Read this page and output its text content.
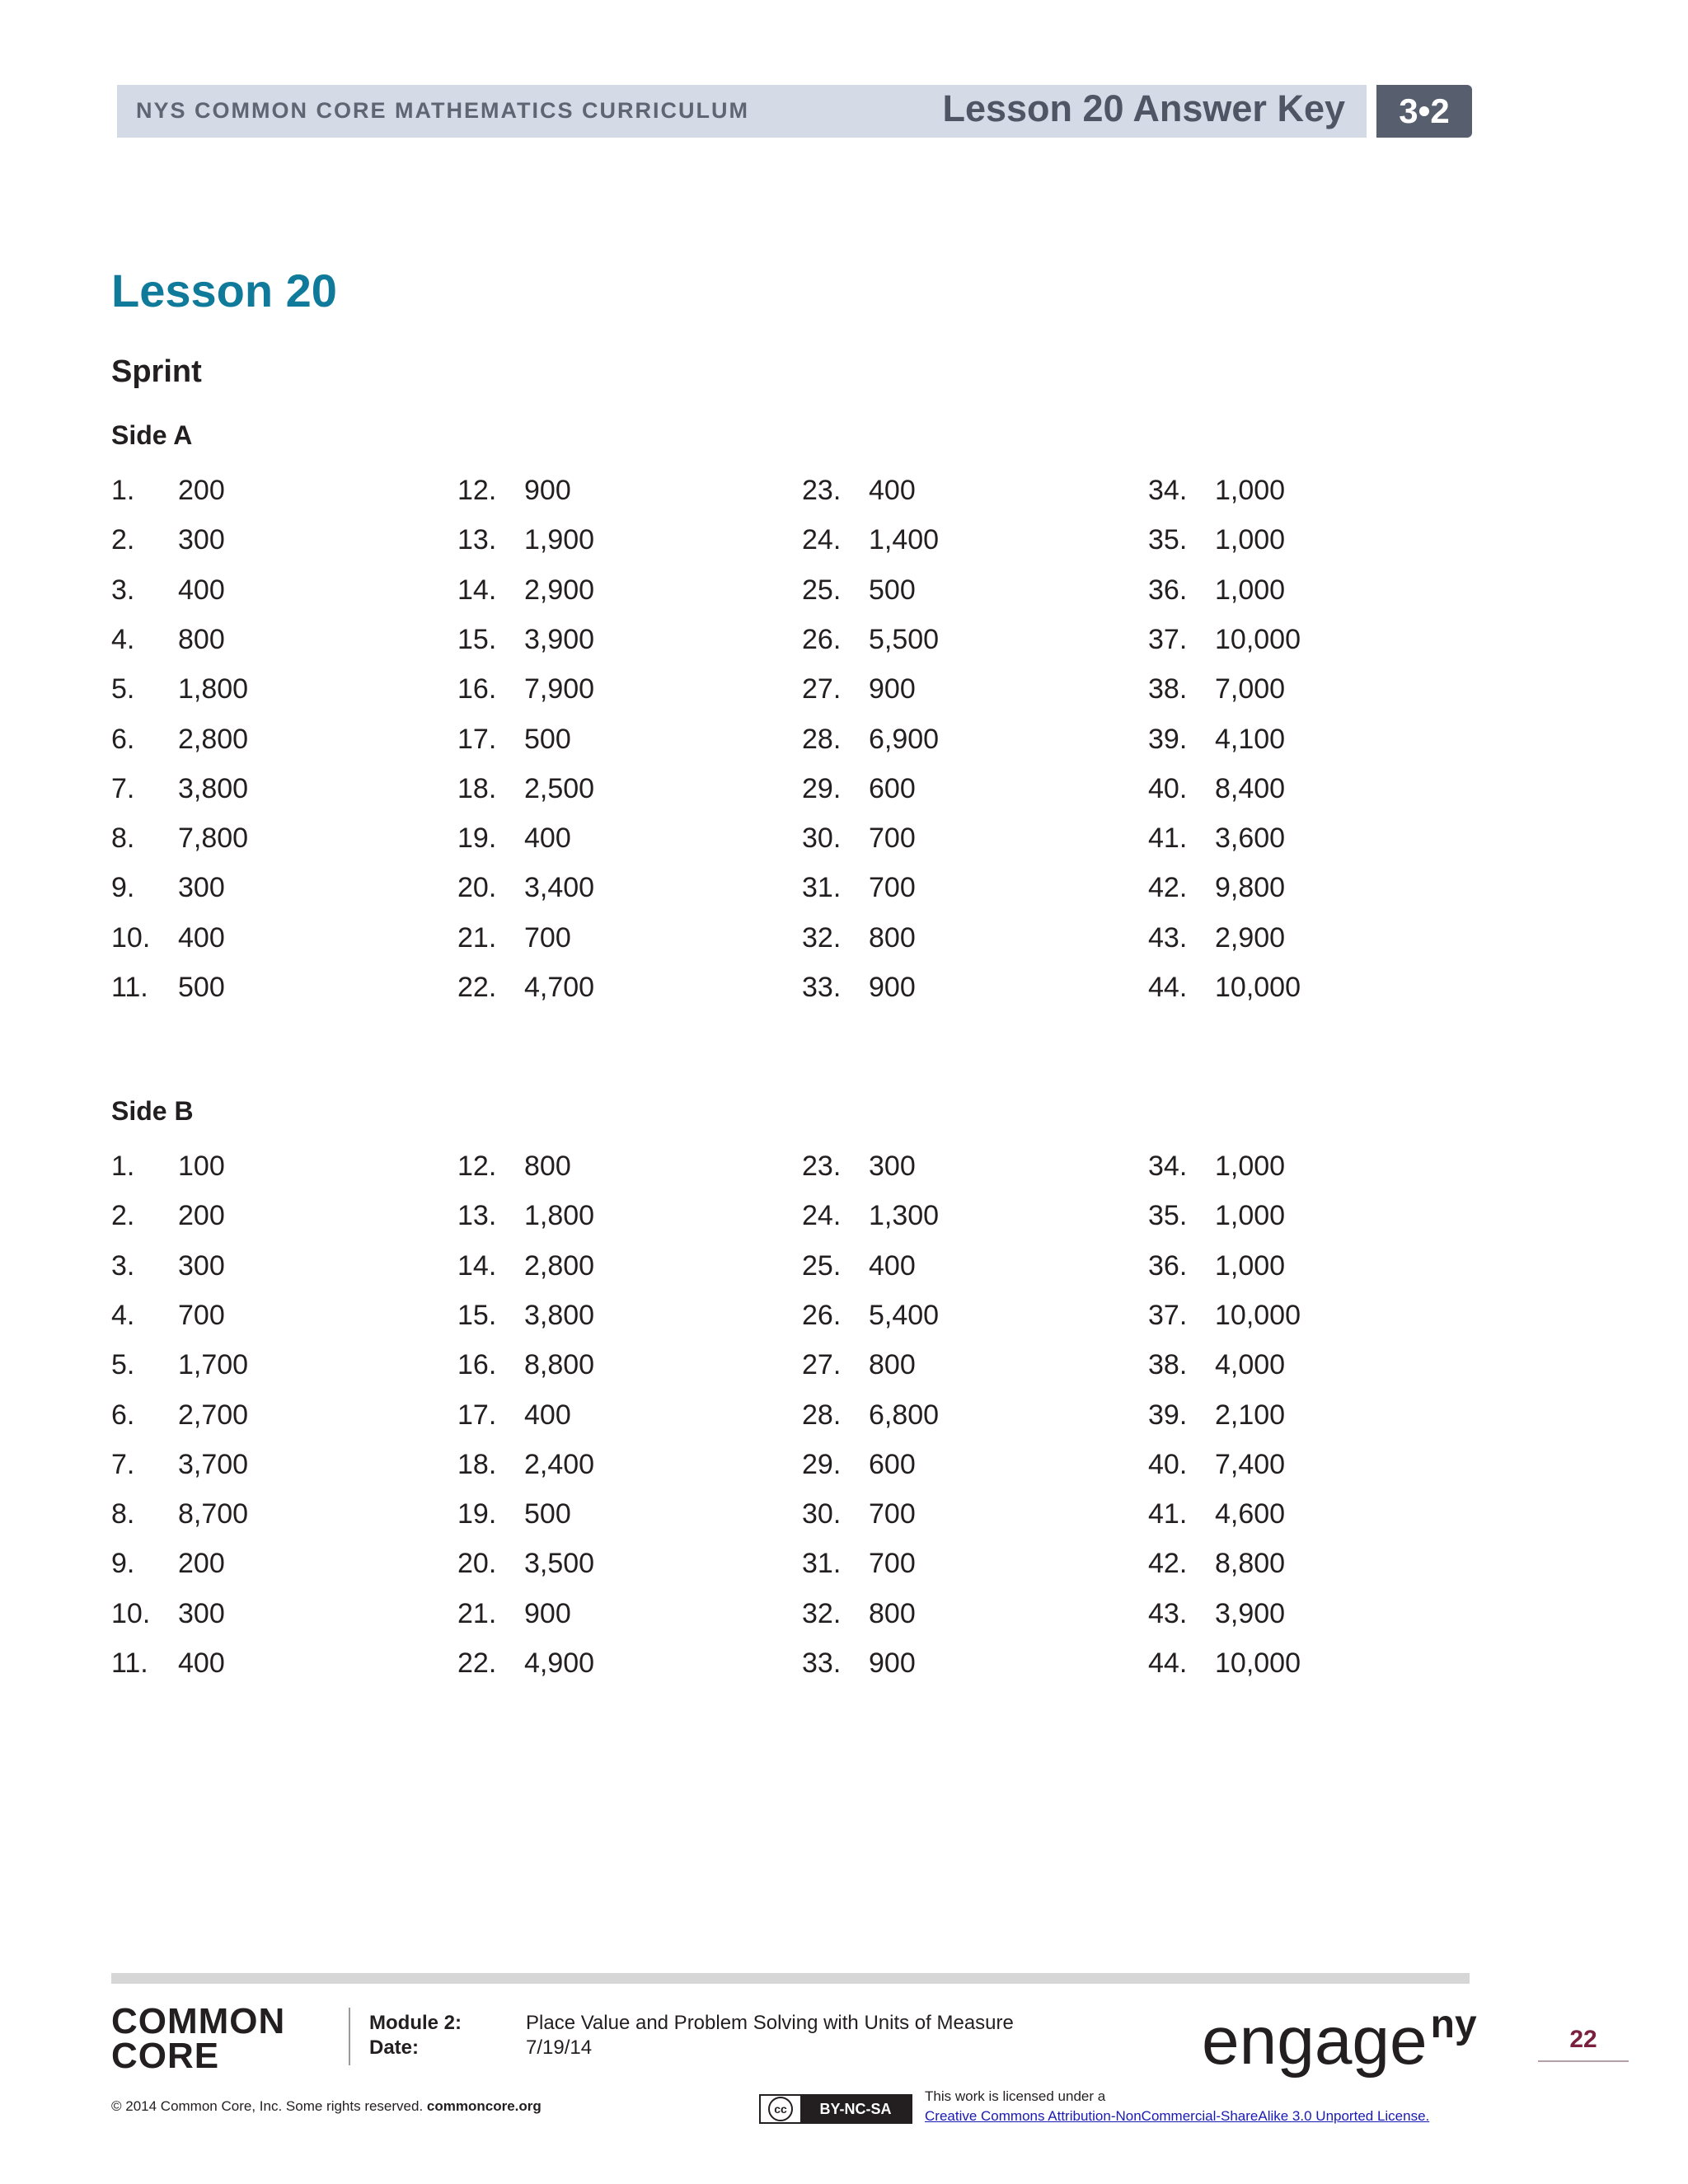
NYS COMMON CORE MATHEMATICS CURRICULUM	Lesson 20 Answer Key	3•2
Lesson 20
Sprint
Side A
1. 200
2. 300
3. 400
4. 800
5. 1,800
6. 2,800
7. 3,800
8. 7,800
9. 300
10. 400
11. 500
12. 900
13. 1,900
14. 2,900
15. 3,900
16. 7,900
17. 500
18. 2,500
19. 400
20. 3,400
21. 700
22. 4,700
23. 400
24. 1,400
25. 500
26. 5,500
27. 900
28. 6,900
29. 600
30. 700
31. 700
32. 800
33. 900
34. 1,000
35. 1,000
36. 1,000
37. 10,000
38. 7,000
39. 4,100
40. 8,400
41. 3,600
42. 9,800
43. 2,900
44. 10,000
Side B
1. 100
2. 200
3. 300
4. 700
5. 1,700
6. 2,700
7. 3,700
8. 8,700
9. 200
10. 300
11. 400
12. 800
13. 1,800
14. 2,800
15. 3,800
16. 8,800
17. 400
18. 2,400
19. 500
20. 3,500
21. 900
22. 4,900
23. 300
24. 1,300
25. 400
26. 5,400
27. 800
28. 6,800
29. 600
30. 700
31. 700
32. 800
33. 900
34. 1,000
35. 1,000
36. 1,000
37. 10,000
38. 4,000
39. 2,100
40. 7,400
41. 4,600
42. 8,800
43. 3,900
44. 10,000
COMMON
CORE
Module 2:	Place Value and Problem Solving with Units of Measure
Date:	7/19/14	engage$^{ny}$	22
© 2014 Common Core, Inc. Some rights reserved. commoncore.org	cc	BY-NC-SA
This work is licensed under a
Creative Commons Attribution-NonCommercial-ShareAlike 3.0 Unported License.
